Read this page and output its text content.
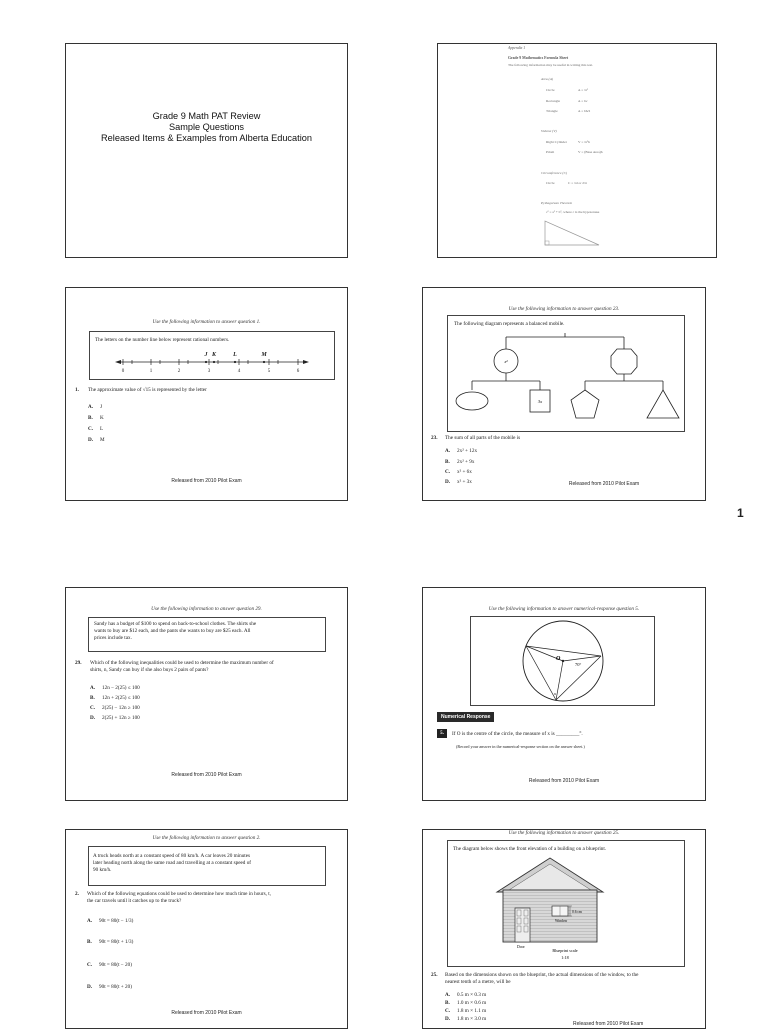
1
Grade 9 Math PAT Review
Sample Questions
Released Items & Examples from Alberta Education
Appendix 1
Grade 9 Mathematics Formula Sheet
The following information may be useful in writing this test.
Area (A)
Circle	A = πr²
Rectangle	A = lw
Triangle	A = bh/2
Volume (V)
Right Cylinder	V = πr²h
Prism	V = (Base Area)h
Circumference (C)
Circle	C = πd or 2πr
Pythagorean Theorem
c² = a² + b², where c is the hypotenuse
Use the following information to answer question 1.
The letters on the number line below represent rational numbers.
0	1	2	3	4	5	6
J K	L	M
1. The approximate value of √15 is represented by the letter
A. J
B. K
C. L
D. M
Released from 2010 Pilot Exam
Use the following information to answer question 23.
The following diagram represents a balanced mobile.
x²
3x
23. The sum of all parts of the mobile is
A. 2x² + 12x
B. 2x² + 9x
C. x² + 6x
D. x² + 3x	Released from 2010 Pilot Exam
Use the following information to answer question 29.
Sandy has a budget of $100 to spend on back-to-school clothes. The shirts she
wants to buy are $12 each, and the pants she wants to buy are $25 each. All
prices include tax.
29. Which of the following inequalities could be used to determine the maximum number of
shirts, n, Sandy can buy if she also buys 2 pairs of pants?
A. 12n − 2(25) ≤ 100
B. 12n + 2(25) ≤ 100
C. 2(25) − 12n ≥ 100
D. 2(25) + 12n ≥ 100
Released from 2010 Pilot Exam
Use the following information to answer numerical-response question 5.
O
70°
x
Numerical Response
5.	If O is the centre of the circle, the measure of x is _________°.
(Record your answer in the numerical-response section on the answer sheet.)
Released from 2010 Pilot Exam
Use the following information to answer question 2.
A truck heads north at a constant speed of 80 km/h. A car leaves 20 minutes
later heading north along the same road and travelling at a constant speed of
90 km/h.
2. Which of the following equations could be used to determine how much time in hours, t,
the car travels until it catches up to the truck?
A. 90t = 80(t − 1/3)
B. 90t = 80(t + 1/3)
C. 90t = 80(t − 20)
D. 90t = 80(t + 20)
Released from 2010 Pilot Exam
Use the following information to answer question 25.
The diagram below shows the front elevation of a building on a blueprint.
0.6 cm
Window
Door
Blueprint scale
1:18
25. Based on the dimensions shown on the blueprint, the actual dimensions of the window, to the
nearest tenth of a metre, will be
A. 0.5 m × 0.3 m
B. 1.0 m × 0.6 m
C. 1.8 m × 1.1 m
D. 1.8 m × 3.0 m
Released from 2010 Pilot Exam
